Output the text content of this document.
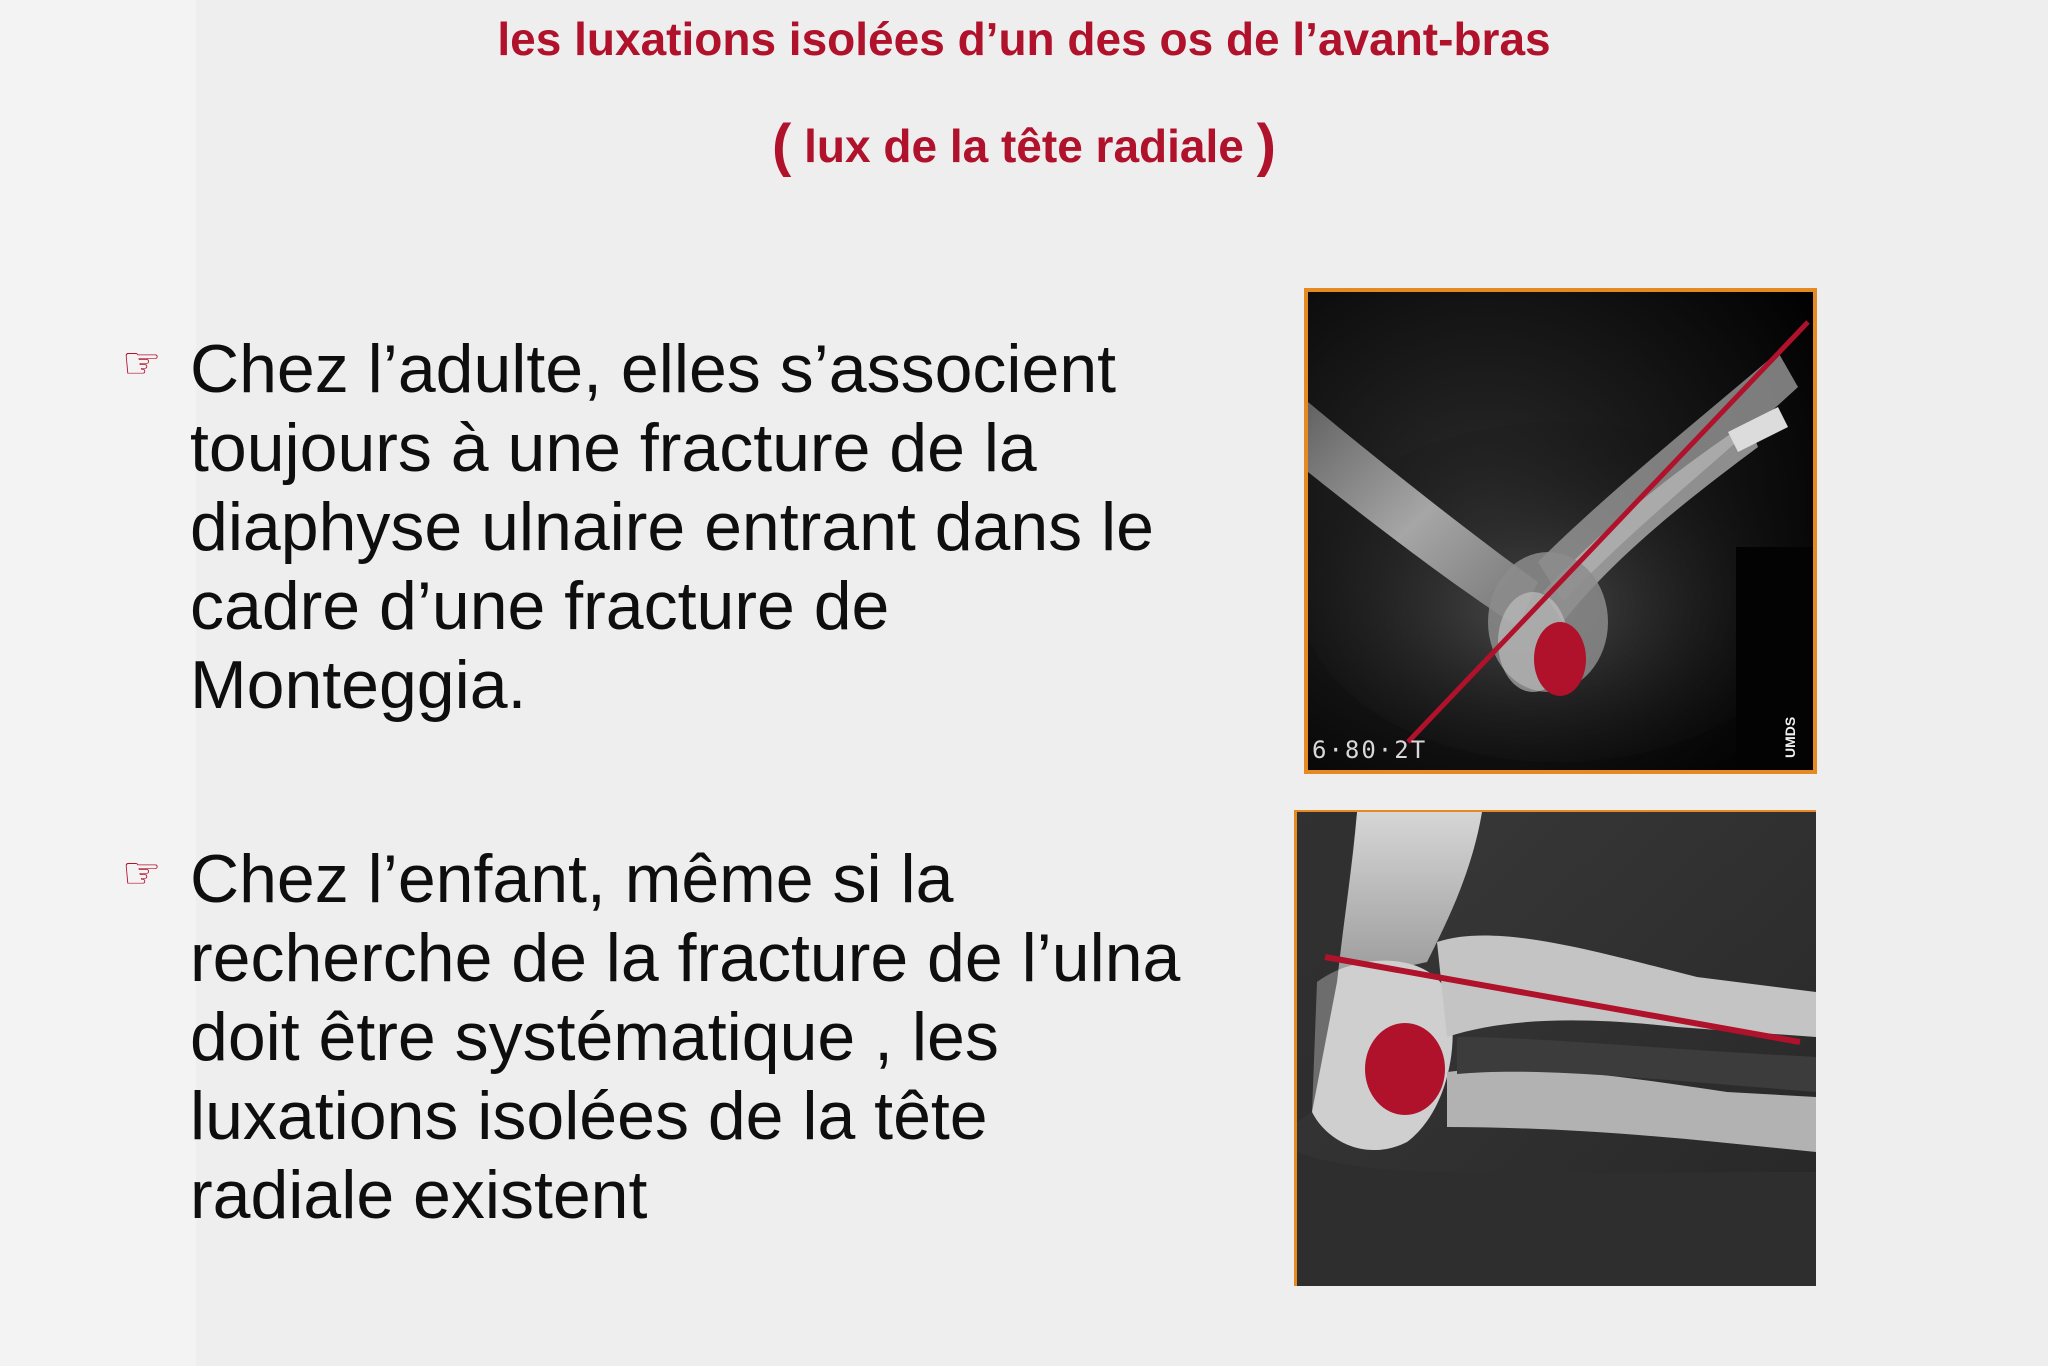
les luxations isolées d’un des os de l’avant-bras
( lux de la tête radiale )
☞ Chez l’adulte, elles s’associent
toujours à une fracture de la
diaphyse ulnaire entrant dans le
cadre d’une fracture de
Monteggia.
☞ Chez l’enfant, même si la
recherche de la fracture de l’ulna
doit être systématique , les
luxations isolées de la tête
radiale existent
6·80·2T	UMDS
